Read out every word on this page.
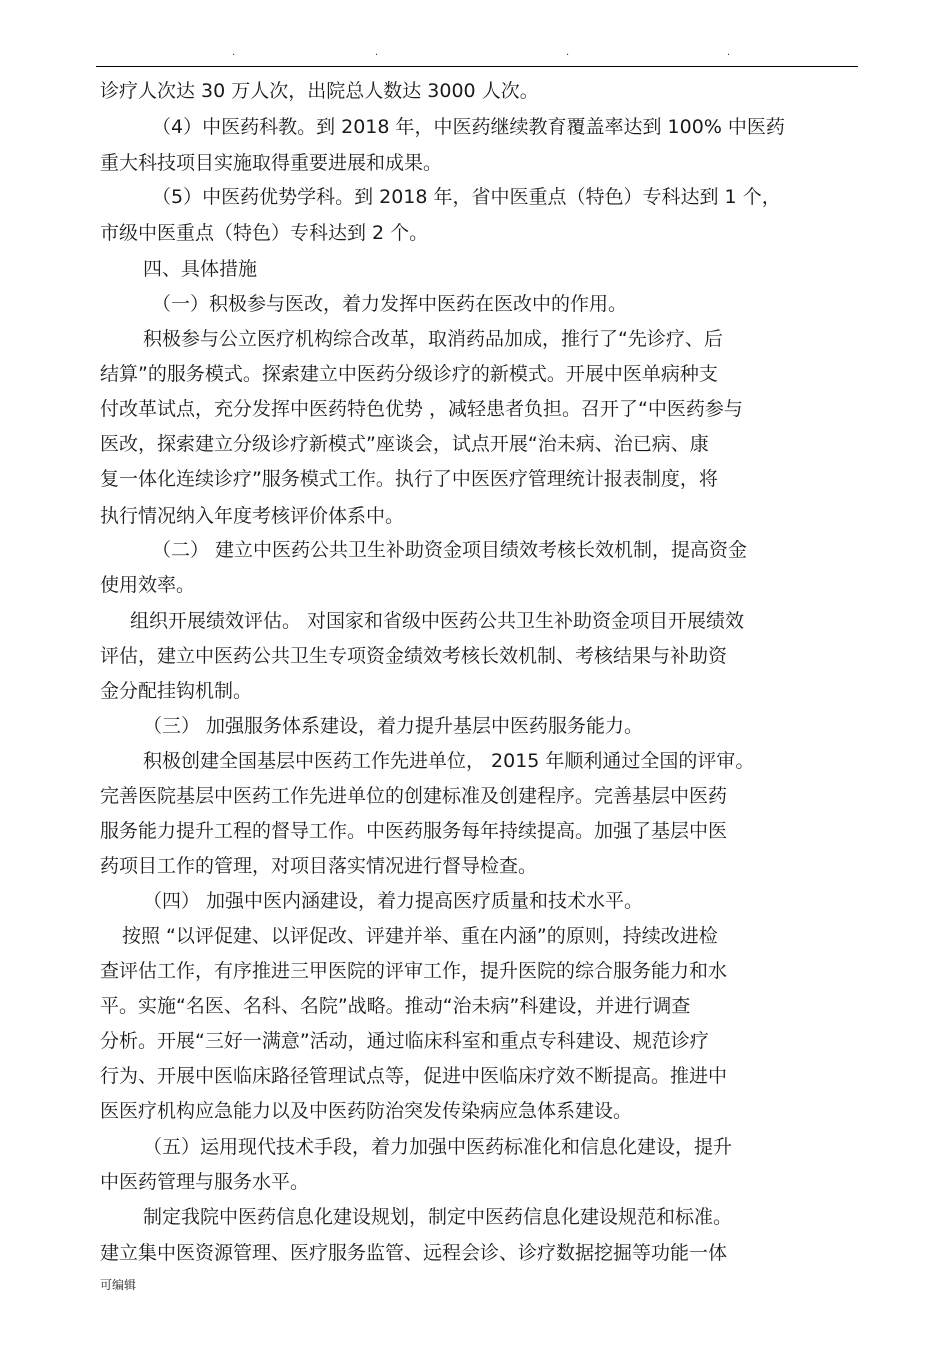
.	.	.	.
诊疗人次达 30 万人次，出院总人数达 3000 人次。
（4）中医药科教。到 2018 年，中医药继续教育覆盖率达到 100% 中医药
重大科技项目实施取得重要进展和成果。
（5）中医药优势学科。到 2018 年，省中医重点（特色）专科达到 1 个，
市级中医重点（特色）专科达到 2 个。
四、具体措施
（一）积极参与医改，着力发挥中医药在医改中的作用。
积极参与公立医疗机构综合改革，取消药品加成，推行了“先诊疗、后
结算”的服务模式。探索建立中医药分级诊疗的新模式。开展中医单病种支
付改革试点，充分发挥中医药特色优势 ，减轻患者负担。召开了“中医药参与
医改，探索建立分级诊疗新模式”座谈会，试点开展“治未病、治已病、康
复一体化连续诊疗”服务模式工作。执行了中医医疗管理统计报表制度，将
执行情况纳入年度考核评价体系中。
（二） 建立中医药公共卫生补助资金项目绩效考核长效机制，提高资金
使用效率。
组织开展绩效评估。 对国家和省级中医药公共卫生补助资金项目开展绩效
评估，建立中医药公共卫生专项资金绩效考核长效机制、考核结果与补助资
金分配挂钩机制。
（三） 加强服务体系建设，着力提升基层中医药服务能力。
积极创建全国基层中医药工作先进单位， 2015 年顺利通过全国的评审。
完善医院基层中医药工作先进单位的创建标准及创建程序。完善基层中医药
服务能力提升工程的督导工作。中医药服务每年持续提高。加强了基层中医
药项目工作的管理，对项目落实情况进行督导检查。
（四） 加强中医内涵建设，着力提高医疗质量和技术水平。
按照 “以评促建、以评促改、评建并举、重在内涵”的原则，持续改进检
查评估工作，有序推进三甲医院的评审工作，提升医院的综合服务能力和水
平。实施“名医、名科、名院”战略。推动“治未病”科建设，并进行调查
分析。开展“三好一满意”活动，通过临床科室和重点专科建设、规范诊疗
行为、开展中医临床路径管理试点等，促进中医临床疗效不断提高。推进中
医医疗机构应急能力以及中医药防治突发传染病应急体系建设。
（五）运用现代技术手段，着力加强中医药标准化和信息化建设，提升
中医药管理与服务水平。
制定我院中医药信息化建设规划，制定中医药信息化建设规范和标准。
建立集中医资源管理、医疗服务监管、远程会诊、诊疗数据挖掘等功能一体
可编辑
